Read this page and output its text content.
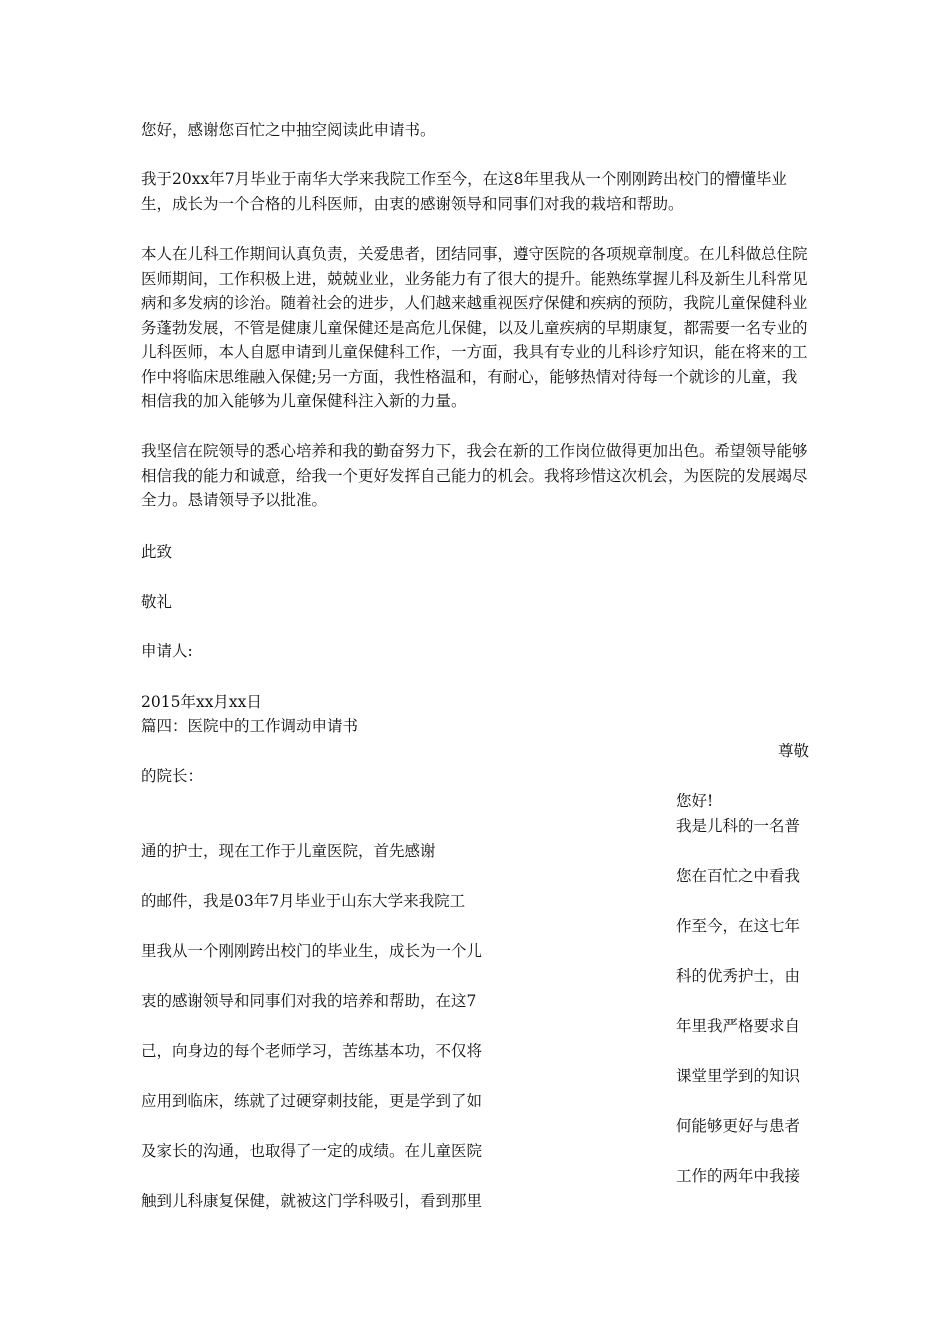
您好，感谢您百忙之中抽空阅读此申请书。

我于20xx年7月毕业于南华大学来我院工作至今，在这8年里我从一个刚刚跨出校门的懵懂毕业生，成长为一个合格的儿科医师，由衷的感谢领导和同事们对我的栽培和帮助。

本人在儿科工作期间认真负责，关爱患者，团结同事，遵守医院的各项规章制度。在儿科做总住院医师期间，工作积极上进，兢兢业业，业务能力有了很大的提升。能熟练掌握儿科及新生儿科常见病和多发病的诊治。随着社会的进步，人们越来越重视医疗保健和疾病的预防，我院儿童保健科业务蓬勃发展，不管是健康儿童保健还是高危儿保健，以及儿童疾病的早期康复，都需要一名专业的儿科医师，本人自愿申请到儿童保健科工作，一方面，我具有专业的儿科诊疗知识，能在将来的工作中将临床思维融入保健;另一方面，我性格温和，有耐心，能够热情对待每一个就诊的儿童，我相信我的加入能够为儿童保健科注入新的力量。

我坚信在院领导的悉心培养和我的勤奋努力下，我会在新的工作岗位做得更加出色。希望领导能够相信我的能力和诚意，给我一个更好发挥自己能力的机会。我将珍惜这次机会，为医院的发展竭尽全力。恳请领导予以批准。

此致

敬礼

申请人:

2015年xx月xx日

篇四：医院中的工作调动申请书

尊敬

的院长：

您好!

我是儿科的一名普

您在百忙之中看我

作至今，在这七年

科的优秀护士，由

年里我严格要求自

课堂里学到的知识

何能够更好与患者

工作的两年中我接

通的护士，现在工作于儿童医院，首先感谢

的邮件，我是03年7月毕业于山东大学来我院工

里我从一个刚刚跨出校门的毕业生，成长为一个儿

衷的感谢领导和同事们对我的培养和帮助，在这7

己，向身边的每个老师学习，苦练基本功，不仅将

应用到临床，练就了过硬穿刺技能，更是学到了如

及家长的沟通，也取得了一定的成绩。在儿童医院

触到儿科康复保健，就被这门学科吸引，看到那里
